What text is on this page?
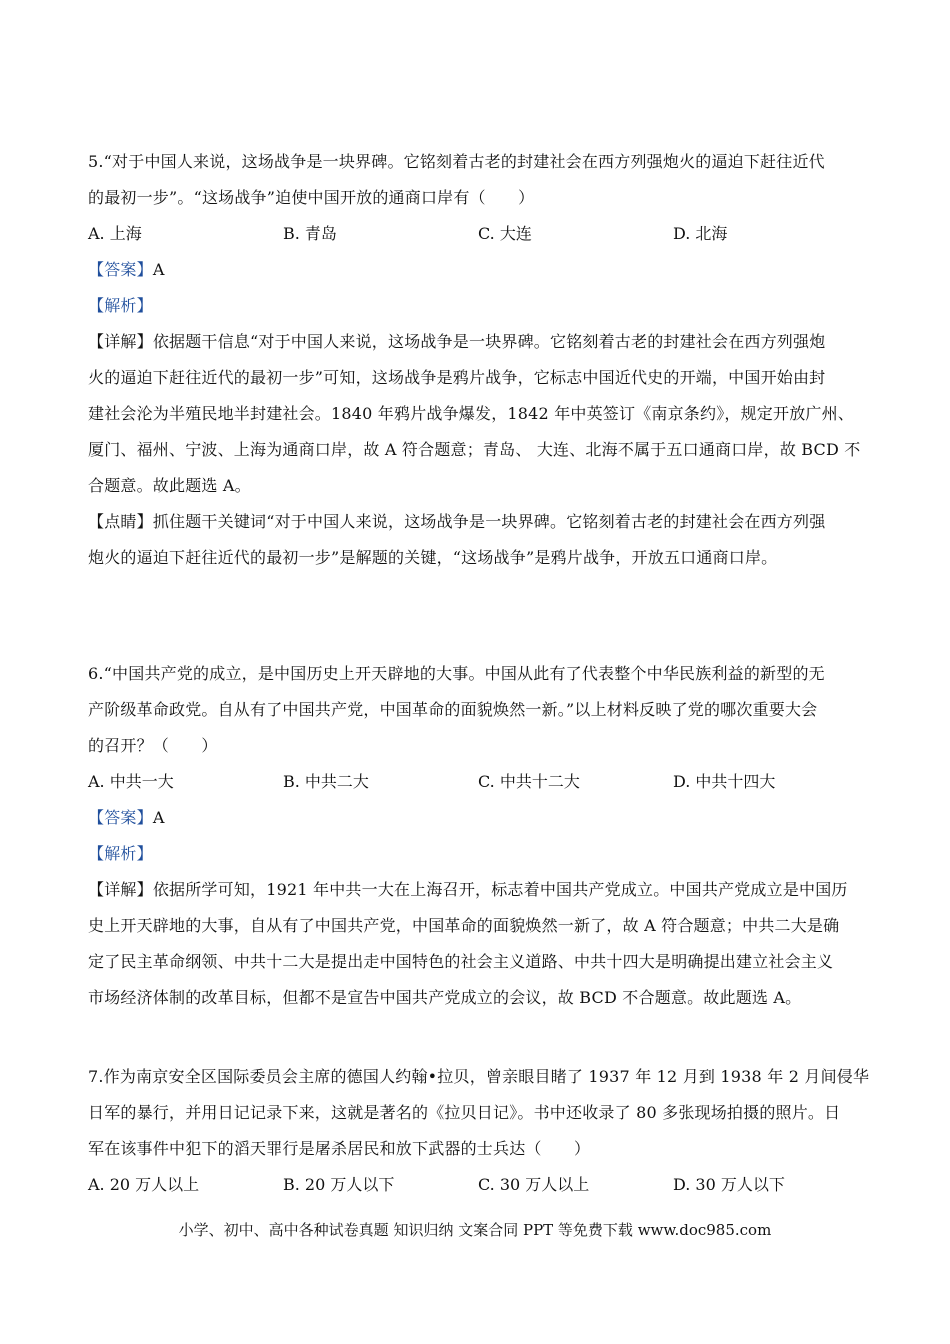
5.“对于中国人来说，这场战争是一块界碑。它铭刻着古老的封建社会在西方列强炮火的逼迫下赶往近代
的最初一步”。“这场战争”迫使中国开放的通商口岸有（　　）
A. 上海	B. 青岛	C. 大连	D. 北海
【答案】A
【解析】
【详解】依据题干信息“对于中国人来说，这场战争是一块界碑。它铭刻着古老的封建社会在西方列强炮
火的逼迫下赶往近代的最初一步”可知，这场战争是鸦片战争，它标志中国近代史的开端，中国开始由封
建社会沦为半殖民地半封建社会。1840 年鸦片战争爆发，1842 年中英签订《南京条约》，规定开放广州、
厦门、福州、宁波、上海为通商口岸，故 A 符合题意；青岛、 大连、北海不属于五口通商口岸，故 BCD 不
合题意。故此题选 A。
【点睛】抓住题干关键词“对于中国人来说，这场战争是一块界碑。它铭刻着古老的封建社会在西方列强
炮火的逼迫下赶往近代的最初一步”是解题的关键，“这场战争”是鸦片战争，开放五口通商口岸。
6.“中国共产党的成立，是中国历史上开天辟地的大事。中国从此有了代表整个中华民族利益的新型的无
产阶级革命政党。自从有了中国共产党，中国革命的面貌焕然一新。”以上材料反映了党的哪次重要大会
的召开？（　　）
A. 中共一大	B. 中共二大	C. 中共十二大	D. 中共十四大
【答案】A
【解析】
【详解】依据所学可知，1921 年中共一大在上海召开，标志着中国共产党成立。中国共产党成立是中国历
史上开天辟地的大事，自从有了中国共产党，中国革命的面貌焕然一新了，故 A 符合题意；中共二大是确
定了民主革命纲领、中共十二大是提出走中国特色的社会主义道路、中共十四大是明确提出建立社会主义
市场经济体制的改革目标，但都不是宣告中国共产党成立的会议，故 BCD 不合题意。故此题选 A。
7.作为南京安全区国际委员会主席的德国人约翰•拉贝，曾亲眼目睹了 1937 年 12 月到 1938 年 2 月间侵华
日军的暴行，并用日记记录下来，这就是著名的《拉贝日记》。书中还收录了 80 多张现场拍摄的照片。日
军在该事件中犯下的滔天罪行是屠杀居民和放下武器的士兵达（　　）
A. 20 万人以上	B. 20 万人以下	C. 30 万人以上	D. 30 万人以下
小学、初中、高中各种试卷真题 知识归纳 文案合同 PPT 等免费下载 www.doc985.com
